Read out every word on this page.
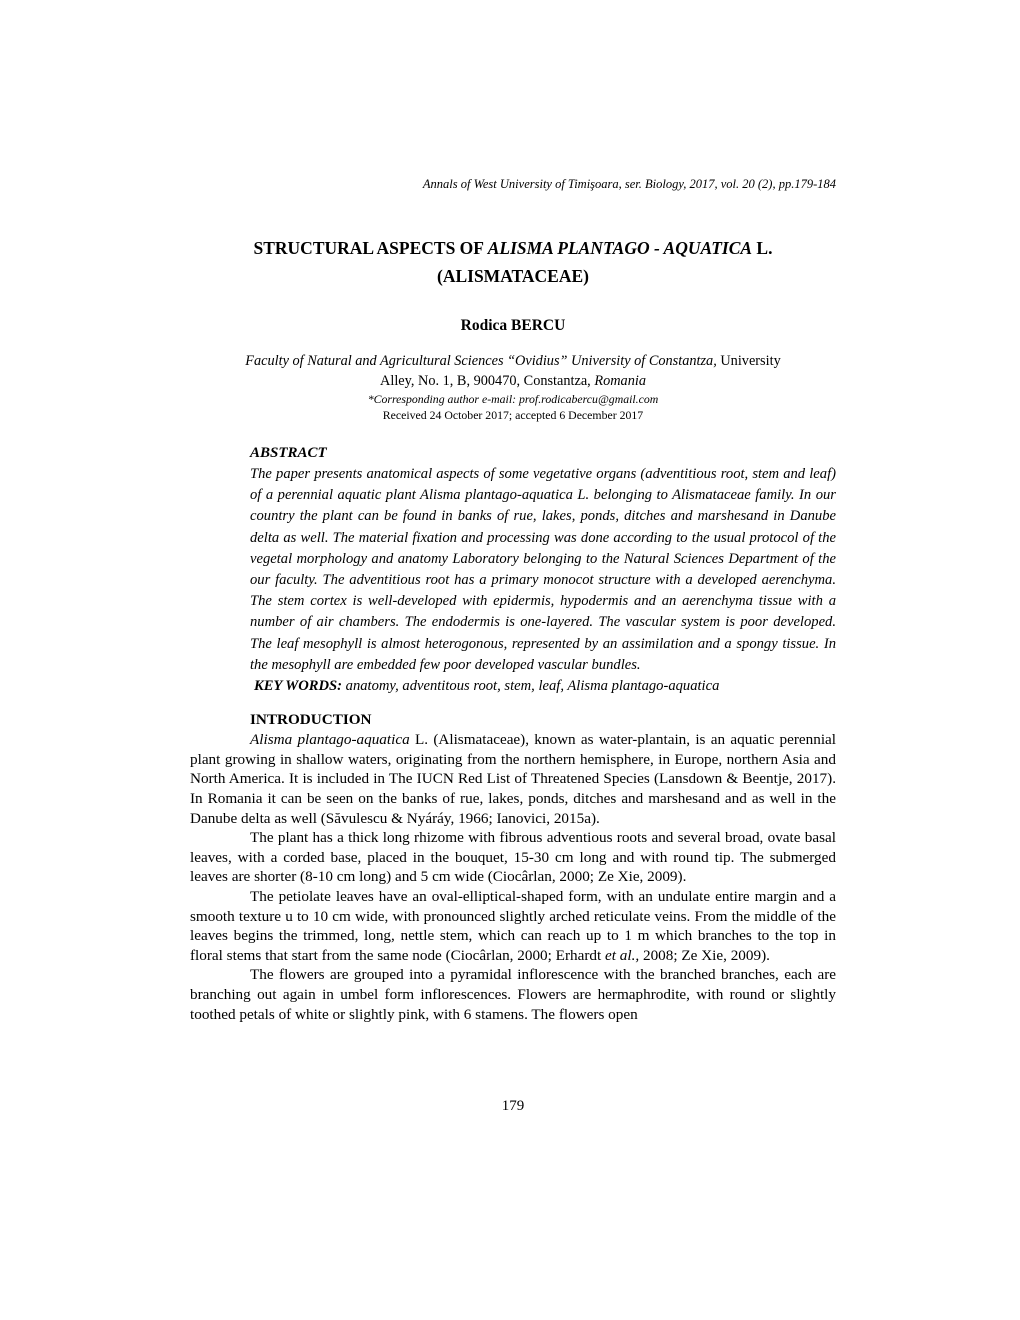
Annals of West University of Timişoara, ser. Biology, 2017, vol. 20 (2), pp.179-184
STRUCTURAL ASPECTS OF ALISMA PLANTAGO - AQUATICA L.
(ALISMATACEAE)
Rodica BERCU
Faculty of Natural and Agricultural Sciences “Ovidius” University of Constantza, University
Alley, No. 1, B, 900470, Constantza, Romania
*Corresponding author e-mail: prof.rodicabercu@gmail.com
Received 24 October 2017; accepted 6 December 2017
ABSTRACT

The paper presents anatomical aspects of some vegetative organs (adventitious root, stem and leaf) of a perennial aquatic plant Alisma plantago-aquatica L. belonging to Alismataceae family. In our country the plant can be found in banks of rue, lakes, ponds, ditches and marshesand in Danube delta as well. The material fixation and processing was done according to the usual protocol of the vegetal morphology and anatomy Laboratory belonging to the Natural Sciences Department of the our faculty. The adventitious root has a primary monocot structure with a developed aerenchyma. The stem cortex is well-developed with epidermis, hypodermis and an aerenchyma tissue with a number of air chambers. The endodermis is one-layered. The vascular system is poor developed. The leaf mesophyll is almost heterogonous, represented by an assimilation and a spongy tissue. In the mesophyll are embedded few poor developed vascular bundles.

KEY WORDS: anatomy, adventitous root, stem, leaf, Alisma plantago-aquatica

INTRODUCTION

Alisma plantago-aquatica L. (Alismataceae), known as water-plantain, is an aquatic perennial plant growing in shallow waters, originating from the northern hemisphere, in Europe, northern Asia and North America. It is included in The IUCN Red List of Threatened Species (Lansdown & Beentje, 2017). In Romania it can be seen on the banks of rue, lakes, ponds, ditches and marshesand and as well in the Danube delta as well (Săvulescu & Nyáráy, 1966; Ianovici, 2015a).

The plant has a thick long rhizome with fibrous adventious roots and several broad, ovate basal leaves, with a corded base, placed in the bouquet, 15-30 cm long and with round tip. The submerged leaves are shorter (8-10 cm long) and 5 cm wide (Ciocârlan, 2000; Ze Xie, 2009).

The petiolate leaves have an oval-elliptical-shaped form, with an undulate entire margin and a smooth texture u to 10 cm wide, with pronounced slightly arched reticulate veins. From the middle of the leaves begins the trimmed, long, nettle stem, which can reach up to 1 m which branches to the top in floral stems that start from the same node (Ciocârlan, 2000; Erhardt et al., 2008; Ze Xie, 2009).

The flowers are grouped into a pyramidal inflorescence with the branched branches, each are branching out again in umbel form inflorescences. Flowers are hermaphrodite, with round or slightly toothed petals of white or slightly pink, with 6 stamens. The flowers open

179
